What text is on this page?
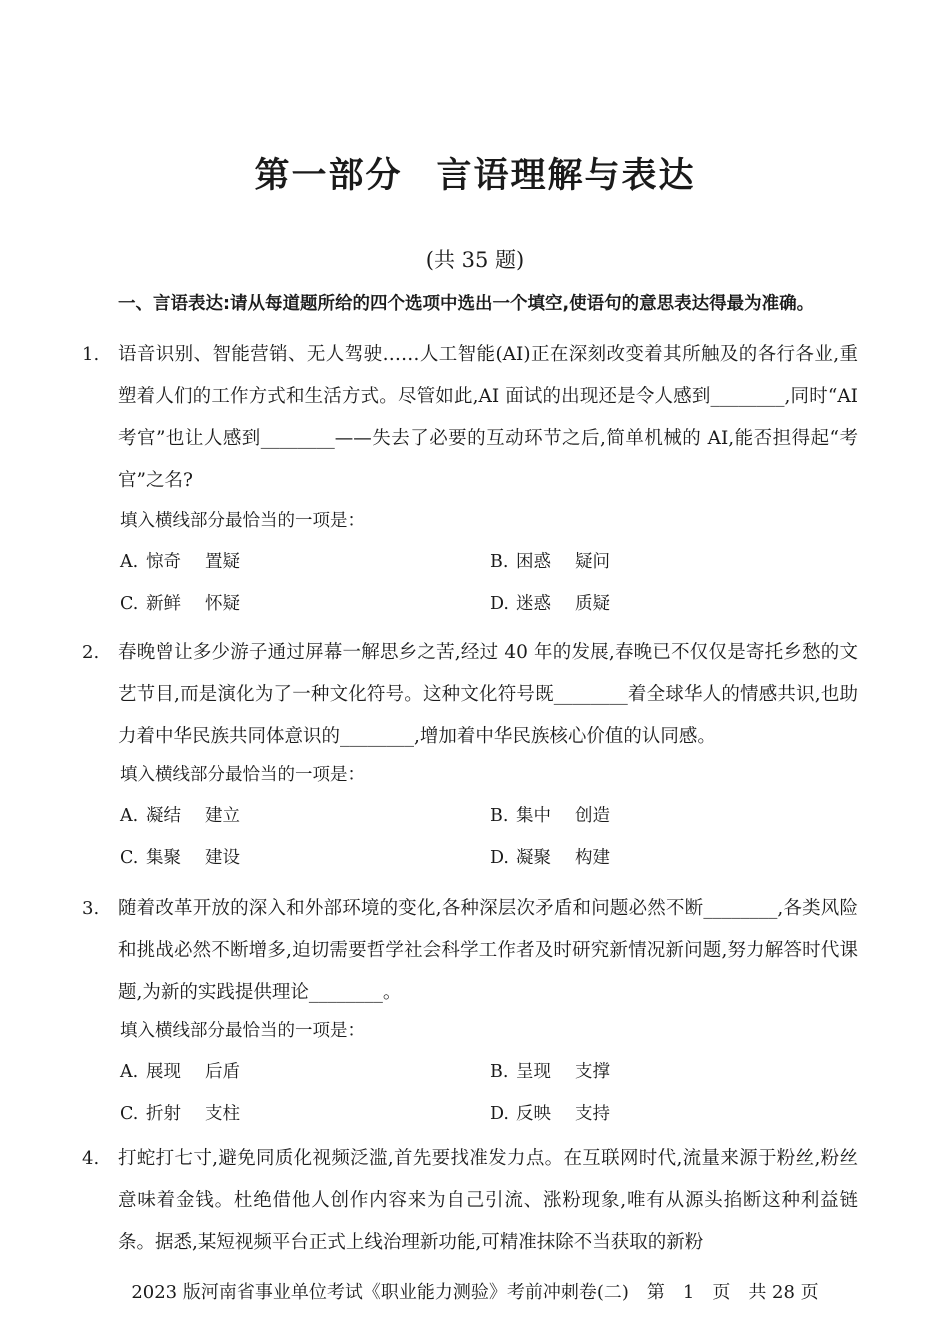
第一部分 言语理解与表达
(共 35 题)
一、言语表达:请从每道题所给的四个选项中选出一个填空,使语句的意思表达得最为准确。
1. 语音识别、智能营销、无人驾驶……人工智能(AI)正在深刻改变着其所触及的各行各业,重塑着人们的工作方式和生活方式。尽管如此,AI 面试的出现还是令人感到________,同时“AI 考官”也让人感到________——失去了必要的互动环节之后,简单机械的 AI,能否担得起“考官”之名?

填入横线部分最恰当的一项是：
A. 惊奇 置疑	B. 困惑 疑问
C. 新鲜 怀疑	D. 迷惑 质疑
2. 春晚曾让多少游子通过屏幕一解思乡之苦,经过 40 年的发展,春晚已不仅仅是寄托乡愁的文艺节目,而是演化为了一种文化符号。这种文化符号既________着全球华人的情感共识,也助力着中华民族共同体意识的________,增加着中华民族核心价值的认同感。

填入横线部分最恰当的一项是：
A. 凝结 建立	B. 集中 创造
C. 集聚 建设	D. 凝聚 构建
3. 随着改革开放的深入和外部环境的变化,各种深层次矛盾和问题必然不断________,各类风险和挑战必然不断增多,迫切需要哲学社会科学工作者及时研究新情况新问题,努力解答时代课题,为新的实践提供理论________。

填入横线部分最恰当的一项是：
A. 展现 后盾	B. 呈现 支撑
C. 折射 支柱	D. 反映 支持
4. 打蛇打七寸,避免同质化视频泛滥,首先要找准发力点。在互联网时代,流量来源于粉丝,粉丝意味着金钱。杜绝借他人创作内容来为自己引流、涨粉现象,唯有从源头掐断这种利益链条。据悉,某短视频平台正式上线治理新功能,可精准抹除不当获取的新粉

2023 版河南省事业单位考试《职业能力测验》考前冲刺卷(二)　第　1　页　共 28 页
